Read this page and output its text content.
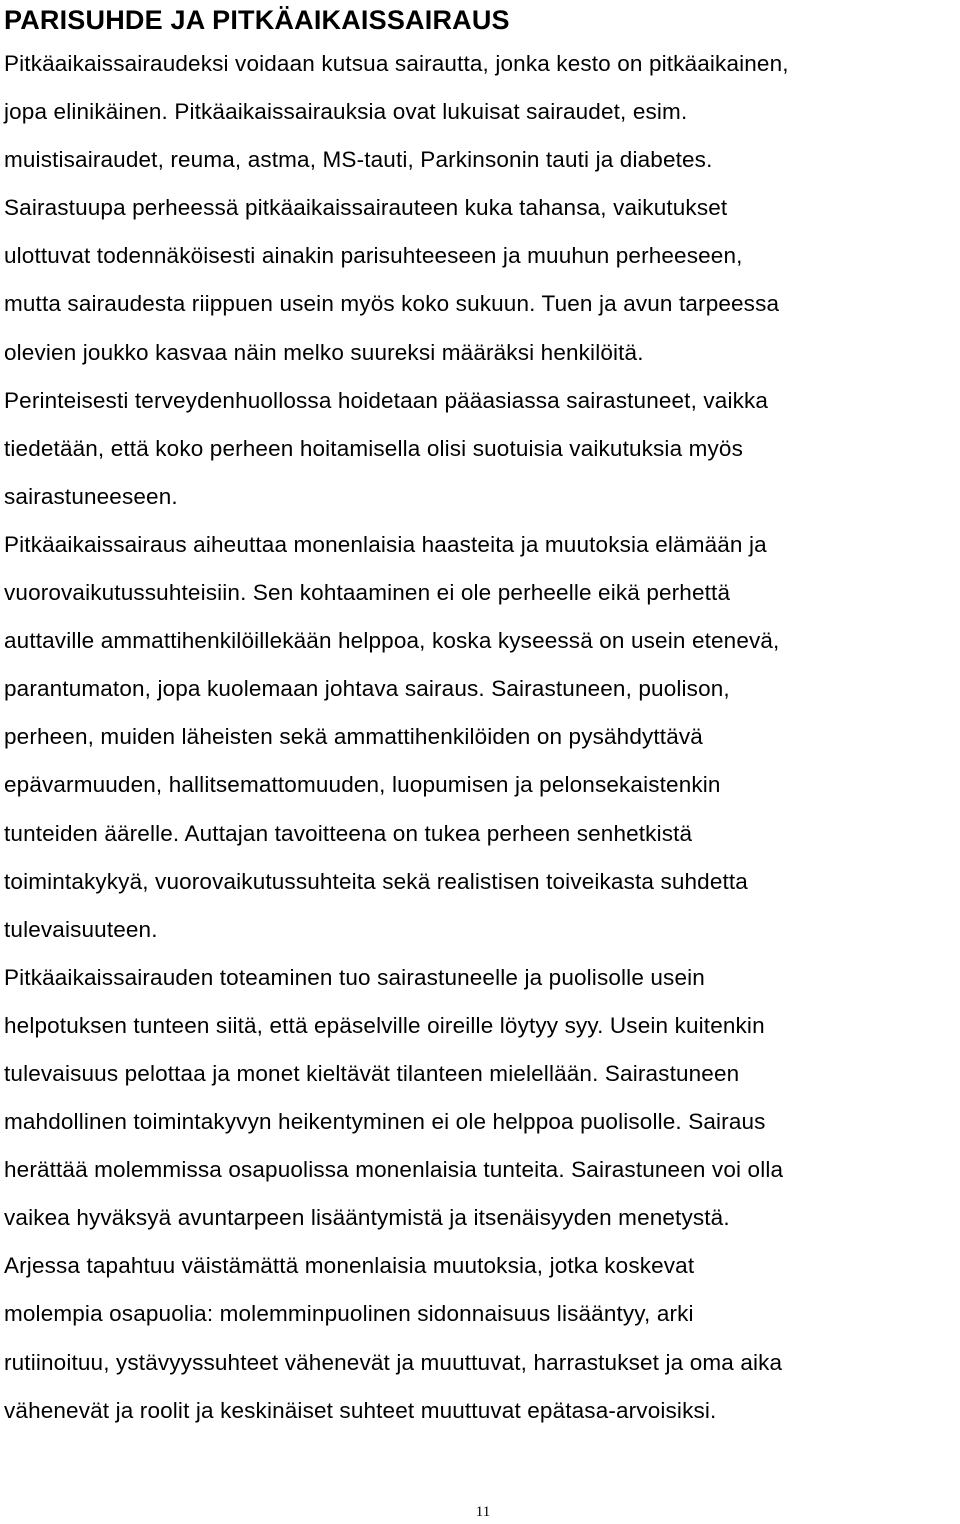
PARISUHDE JA PITKÄAIKAISSAIRAUS
Pitkäaikaissairaudeksi voidaan kutsua sairautta, jonka kesto on pitkäaikainen,
jopa elinikäinen. Pitkäaikaissairauksia ovat lukuisat sairaudet, esim.
muistisairaudet, reuma, astma, MS-tauti, Parkinsonin tauti ja diabetes.
Sairastuupa perheessä pitkäaikaissairauteen kuka tahansa, vaikutukset
ulottuvat todennäköisesti ainakin parisuhteeseen ja muuhun perheeseen,
mutta sairaudesta riippuen usein myös koko sukuun. Tuen ja avun tarpeessa
olevien joukko kasvaa näin melko suureksi määräksi henkilöitä.
Perinteisesti terveydenhuollossa hoidetaan pääasiassa sairastuneet, vaikka
tiedetään, että koko perheen hoitamisella olisi suotuisia vaikutuksia myös
sairastuneeseen.
Pitkäaikaissairaus aiheuttaa monenlaisia haasteita ja muutoksia elämään ja
vuorovaikutussuhteisiin. Sen kohtaaminen ei ole perheelle eikä perhettä
auttaville ammattihenkilöillekään helppoa, koska kyseessä on usein etenevä,
parantumaton, jopa kuolemaan johtava sairaus. Sairastuneen, puolison,
perheen, muiden läheisten sekä ammattihenkilöiden on pysähdyttävä
epävarmuuden, hallitsemattomuuden, luopumisen ja pelonsekaistenkin
tunteiden äärelle. Auttajan tavoitteena on tukea perheen senhetkistä
toimintakykyä, vuorovaikutussuhteita sekä realistisen toiveikasta suhdetta
tulevaisuuteen.
Pitkäaikaissairauden toteaminen tuo sairastuneelle ja puolisolle usein
helpotuksen tunteen siitä, että epäselville oireille löytyy syy. Usein kuitenkin
tulevaisuus pelottaa ja monet kieltävät tilanteen mielellään. Sairastuneen
mahdollinen toimintakyvyn heikentyminen ei ole helppoa puolisolle. Sairaus
herättää molemmissa osapuolissa monenlaisia tunteita. Sairastuneen voi olla
vaikea hyväksyä avuntarpeen lisääntymistä ja itsenäisyyden menetystä.
Arjessa tapahtuu väistämättä monenlaisia muutoksia, jotka koskevat
molempia osapuolia: molemminpuolinen sidonnaisuus lisääntyy, arki
rutiinoituu, ystävyyssuhteet vähenevät ja muuttuvat, harrastukset ja oma aika
vähenevät ja roolit ja keskinäiset suhteet muuttuvat epätasa-arvoisiksi.
11
